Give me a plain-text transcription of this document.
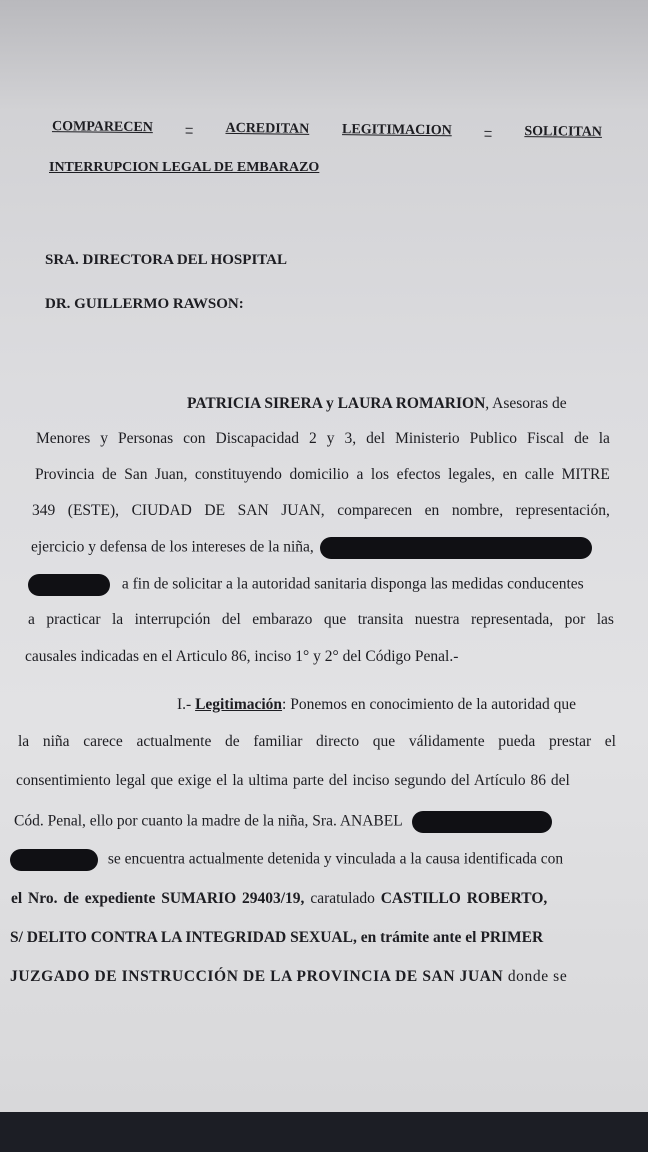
COMPARECEN – ACREDITAN LEGITIMACION – SOLICITAN
INTERRUPCION LEGAL DE EMBARAZO
SRA. DIRECTORA DEL HOSPITAL
DR. GUILLERMO RAWSON:
PATRICIA SIRERA y LAURA ROMARION, Asesoras de
Menores y Personas con Discapacidad 2 y 3, del Ministerio Publico Fiscal de la
Provincia de San Juan, constituyendo domicilio a los efectos legales, en calle MITRE
349 (ESTE), CIUDAD DE SAN JUAN, comparecen en nombre, representación,
ejercicio y defensa de los intereses de la niña,
a fin de solicitar a la autoridad sanitaria disponga las medidas conducentes
a practicar la interrupción del embarazo que transita nuestra representada, por las
causales indicadas en el Articulo 86, inciso 1° y 2° del Código Penal.-
I.- Legitimación: Ponemos en conocimiento de la autoridad que
la niña carece actualmente de familiar directo que válidamente pueda prestar el
consentimiento legal que exige el la ultima parte del inciso segundo del Artículo 86 del
Cód. Penal, ello por cuanto la madre de la niña, Sra. ANABEL
se encuentra actualmente detenida y vinculada a la causa identificada con
el Nro. de expediente SUMARIO 29403/19, caratulado CASTILLO ROBERTO,
S/ DELITO CONTRA LA INTEGRIDAD SEXUAL, en trámite ante el PRIMER
JUZGADO DE INSTRUCCIÓN DE LA PROVINCIA DE SAN JUAN donde se
